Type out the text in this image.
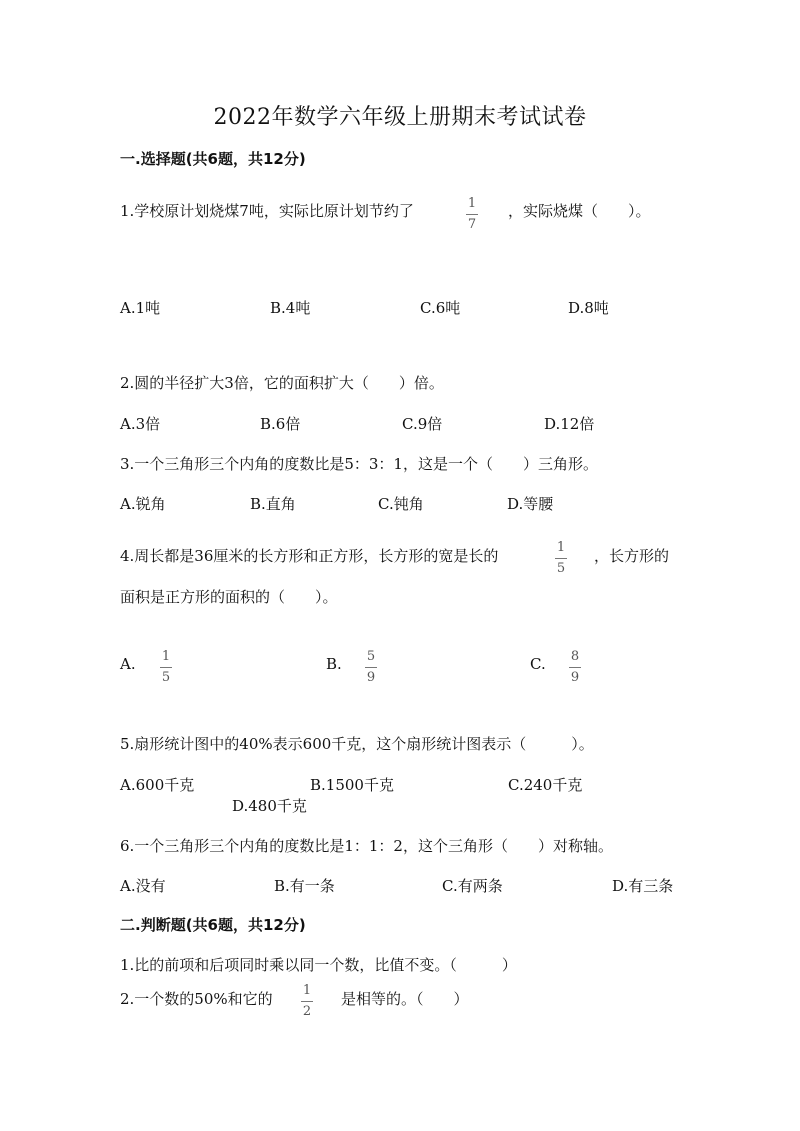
2022年数学六年级上册期末考试试卷
一.选择题(共6题，共12分)
1.学校原计划烧煤7吨，实际比原计划节约了	1
7
，实际烧煤（　　）。
A.1吨	B.4吨	C.6吨	D.8吨
2.圆的半径扩大3倍，它的面积扩大（　　）倍。
A.3倍	B.6倍	C.9倍	D.12倍
3.一个三角形三个内角的度数比是5：3：1，这是一个（　　）三角形。
A.锐角	B.直角	C.钝角	D.等腰
4.周长都是36厘米的长方形和正方形，长方形的宽是长的	1
5
，长方形的
面积是正方形的面积的（　　）。
A. 1
5
B. 5
9
C. 8
9
5.扇形统计图中的40%表示600千克，这个扇形统计图表示（　　　）。
A.600千克	B.1500千克	C.240千克
D.480千克
6.一个三角形三个内角的度数比是1：1：2，这个三角形（　　）对称轴。
A.没有	B.有一条	C.有两条	D.有三条
二.判断题(共6题，共12分)
1.比的前项和后项同时乘以同一个数，比值不变。（　　　）
2.一个数的50%和它的 1
2
是相等的。（　　）
